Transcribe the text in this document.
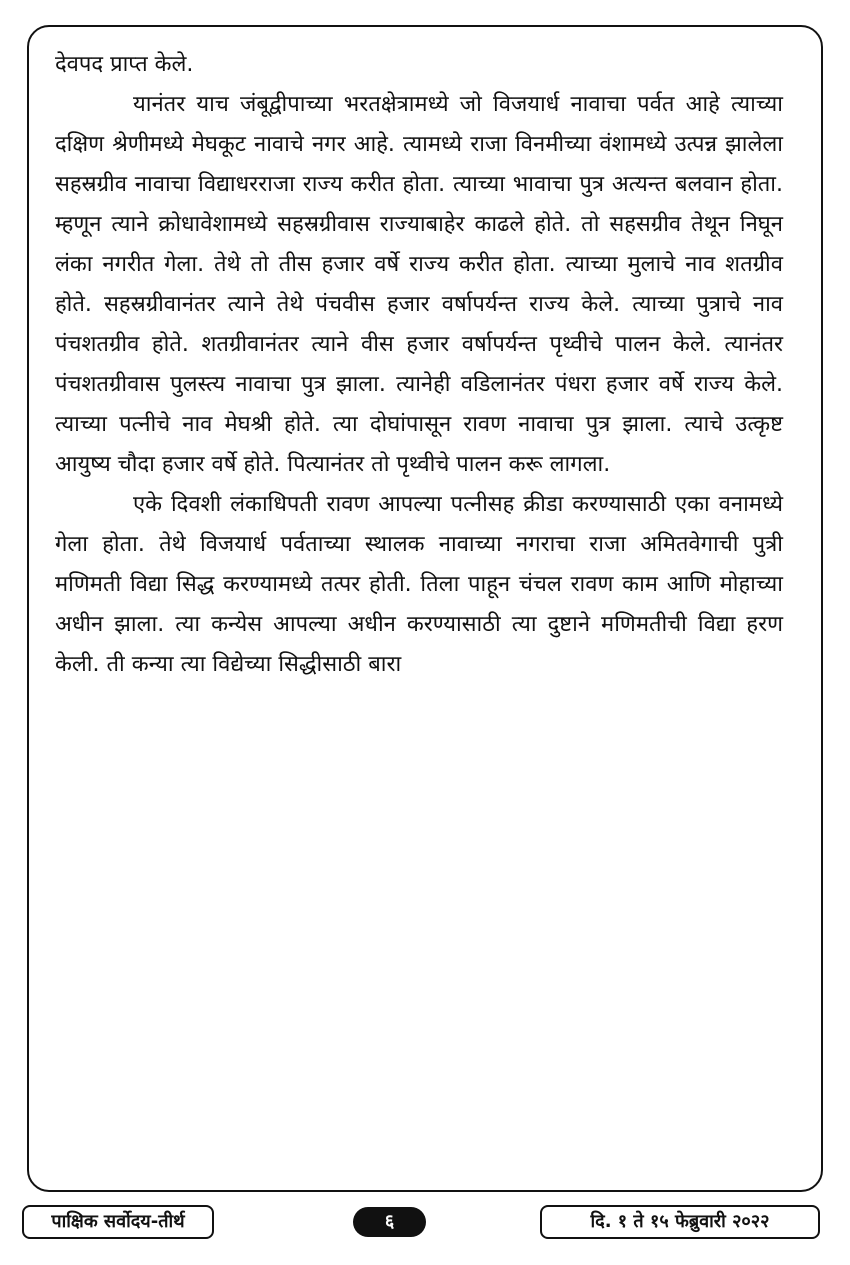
देवपद प्राप्त केले.

यानंतर याच जंबूद्वीपाच्या भरतक्षेत्रामध्ये जो विजयार्ध नावाचा पर्वत आहे त्याच्या दक्षिण श्रेणीमध्ये मेघकूट नावाचे नगर आहे. त्यामध्ये राजा विनमीच्या वंशामध्ये उत्पन्न झालेला सहस्रग्रीव नावाचा विद्याधरराजा राज्य करीत होता. त्याच्या भावाचा पुत्र अत्यन्त बलवान होता. म्हणून त्याने क्रोधावेशामध्ये सहस्रग्रीवास राज्याबाहेर काढले होते. तो सहसग्रीव तेथून निघून लंका नगरीत गेला. तेथे तो तीस हजार वर्षे राज्य करीत होता. त्याच्या मुलाचे नाव शतग्रीव होते. सहस्रग्रीवानंतर त्याने तेथे पंचवीस हजार वर्षापर्यन्त राज्य केले. त्याच्या पुत्राचे नाव पंचशतग्रीव होते. शतग्रीवानंतर त्याने वीस हजार वर्षापर्यन्त पृथ्वीचे पालन केले. त्यानंतर पंचशतग्रीवास पुलस्त्य नावाचा पुत्र झाला. त्यानेही वडिलानंतर पंधरा हजार वर्षे राज्य केले. त्याच्या पत्नीचे नाव मेघश्री होते. त्या दोघांपासून रावण नावाचा पुत्र झाला. त्याचे उत्कृष्ट आयुष्य चौदा हजार वर्षे होते. पित्यानंतर तो पृथ्वीचे पालन करू लागला.

एके दिवशी लंकाधिपती रावण आपल्या पत्नीसह क्रीडा करण्यासाठी एका वनामध्ये गेला होता. तेथे विजयार्ध पर्वताच्या स्थालक नावाच्या नगराचा राजा अमितवेगाची पुत्री मणिमती विद्या सिद्ध करण्यामध्ये तत्पर होती. तिला पाहून चंचल रावण काम आणि मोहाच्या अधीन झाला. त्या कन्येस आपल्या अधीन करण्यासाठी त्या दुष्टाने मणिमतीची विद्या हरण केली. ती कन्या त्या विद्येच्या सिद्धीसाठी बारा

पाक्षिक सर्वोदय-तीर्थ	६	दि. १ ते १५ फेब्रुवारी २०२२
